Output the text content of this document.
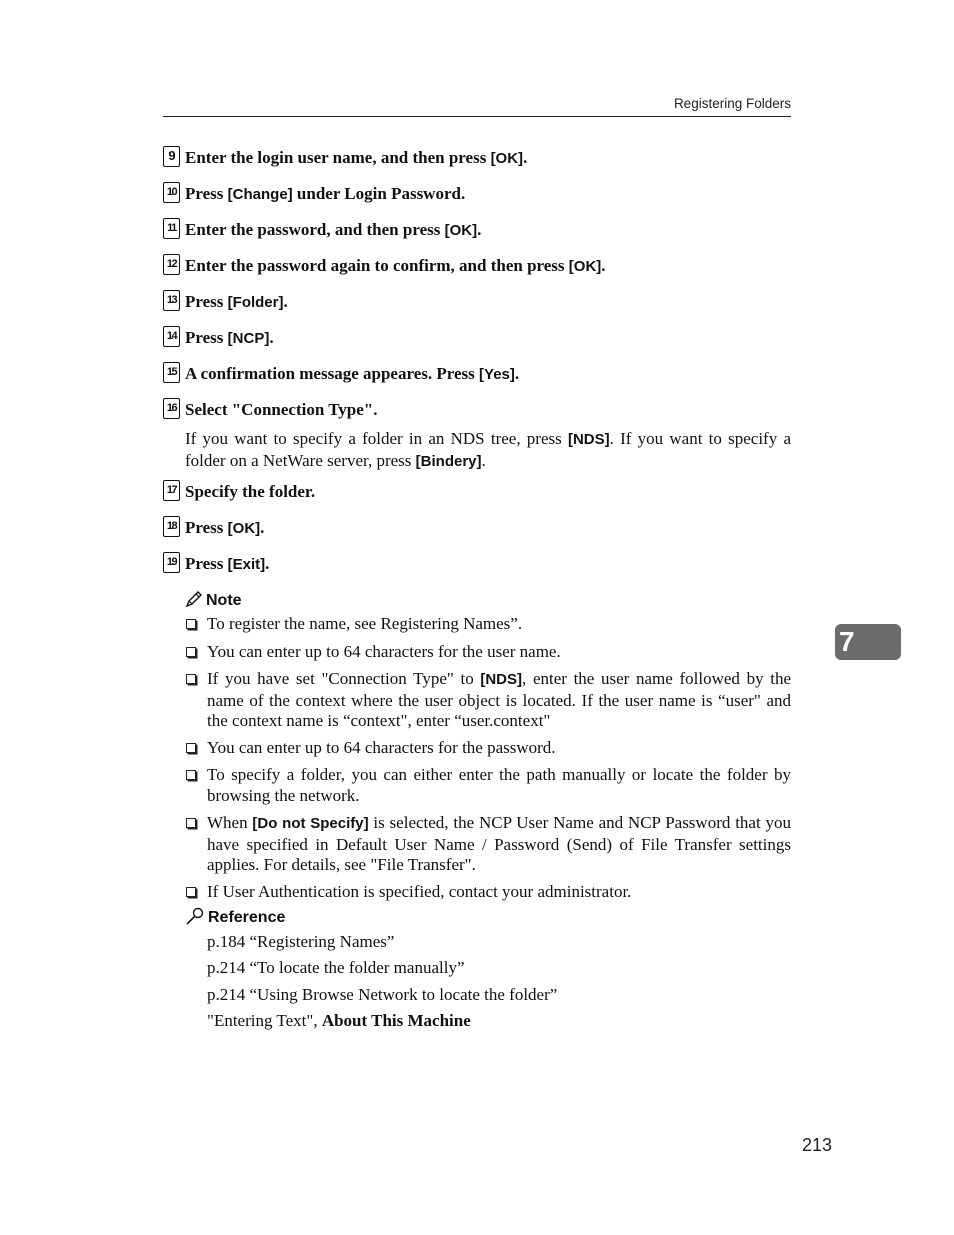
Registering Folders
9 Enter the login user name, and then press [OK].
10 Press [Change] under Login Password.
11 Enter the password, and then press [OK].
12 Enter the password again to confirm, and then press [OK].
13 Press [Folder].
14 Press [NCP].
15 A confirmation message appeares. Press [Yes].
16 Select "Connection Type".
If you want to specify a folder in an NDS tree, press [NDS]. If you want to specify a folder on a NetWare server, press [Bindery].
17 Specify the folder.
18 Press [OK].
19 Press [Exit].
Note
To register the name, see Registering Names”.
You can enter up to 64 characters for the user name.
If you have set "Connection Type" to [NDS], enter the user name followed by the name of the context where the user object is located. If the user name is “user" and the context name is “context", enter “user.context"
You can enter up to 64 characters for the password.
To specify a folder, you can either enter the path manually or locate the folder by browsing the network.
When [Do not Specify] is selected, the NCP User Name and NCP Password that you have specified in Default User Name / Password (Send) of File Transfer settings applies. For details, see "File Transfer".
If User Authentication is specified, contact your administrator.
Reference
p.184 “Registering Names”
p.214 “To locate the folder manually”
p.214 “Using Browse Network to locate the folder”
"Entering Text", About This Machine
7
213
